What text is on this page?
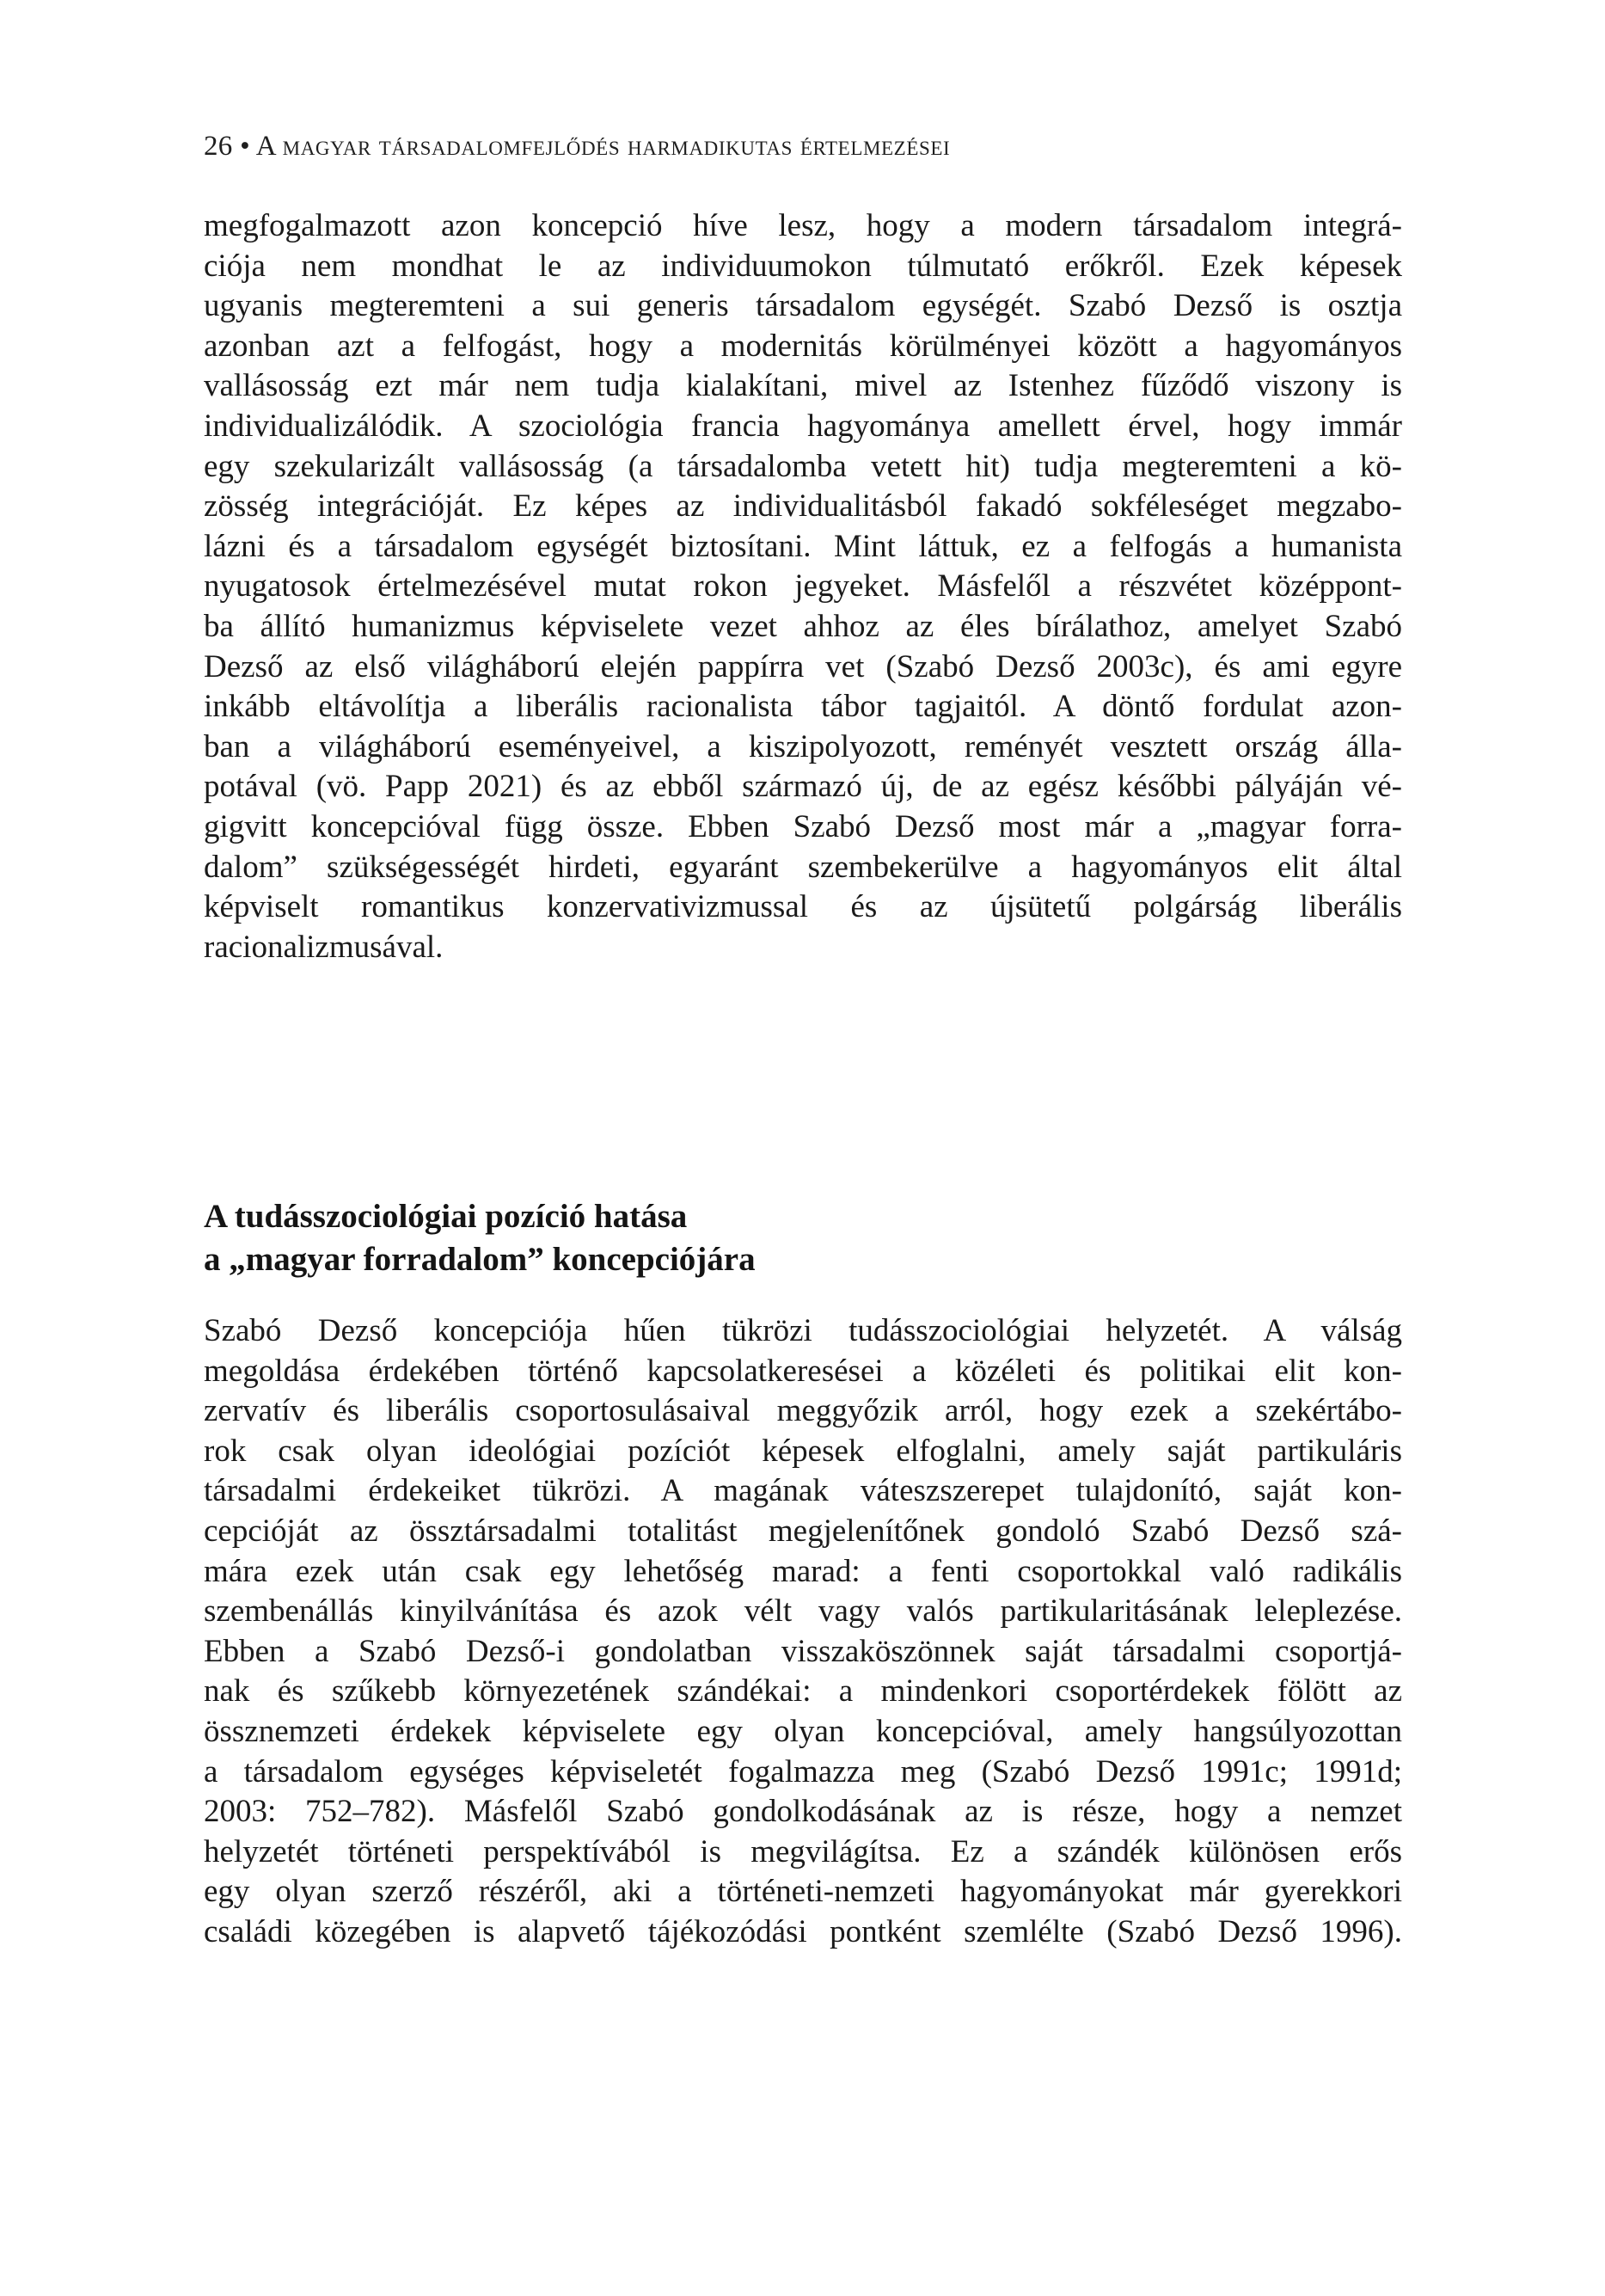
26 • A magyar társadalomfejlődés harmadikutas értelmezései
megfogalmazott azon koncepció híve lesz, hogy a modern társadalom integrá-
ciója nem mondhat le az individuumokon túlmutató erőkről. Ezek képesek
ugyanis megteremteni a sui generis társadalom egységét. Szabó Dezső is osztja
azonban azt a felfogást, hogy a modernitás körülményei között a hagyományos
vallásosság ezt már nem tudja kialakítani, mivel az Istenhez fűződő viszony is
individualizálódik. A szociológia francia hagyománya amellett érvel, hogy immár
egy szekularizált vallásosság (a társadalomba vetett hit) tudja megteremteni a kö-
zösség integrációját. Ez képes az individualitásból fakadó sokféleséget megzabo-
lázni és a társadalom egységét biztosítani. Mint láttuk, ez a felfogás a humanista
nyugatosok értelmezésével mutat rokon jegyeket. Másfelől a részvétet középpont-
ba állító humanizmus képviselete vezet ahhoz az éles bírálathoz, amelyet Szabó
Dezső az első világháború elején pappírra vet (Szabó Dezső 2003c), és ami egyre
inkább eltávolítja a liberális racionalista tábor tagjaitól. A döntő fordulat azon-
ban a világháború eseményeivel, a kiszipolyozott, reményét vesztett ország álla-
potával (vö. Papp 2021) és az ebből származó új, de az egész későbbi pályáján vé-
gigvitt koncepcióval függ össze. Ebben Szabó Dezső most már a „magyar forra-
dalom” szükségességét hirdeti, egyaránt szembekerülve a hagyományos elit által
képviselt romantikus konzervativizmussal és az újsütetű polgárság liberális
racionalizmusával.
A tudásszociológiai pozíció hatása
a „magyar forradalom” koncepciójára
Szabó Dezső koncepciója hűen tükrözi tudásszociológiai helyzetét. A válság
megoldása érdekében történő kapcsolatkeresései a közéleti és politikai elit kon-
zervatív és liberális csoportosulásaival meggyőzik arról, hogy ezek a szekértábo-
rok csak olyan ideológiai pozíciót képesek elfoglalni, amely saját partikuláris
társadalmi érdekeiket tükrözi. A magának váteszszerepet tulajdonító, saját kon-
cepcióját az össztársadalmi totalitást megjelenítőnek gondoló Szabó Dezső szá-
mára ezek után csak egy lehetőség marad: a fenti csoportokkal való radikális
szembenállás kinyilvánítása és azok vélt vagy valós partikularitásának leleplezése.
Ebben a Szabó Dezső-i gondolatban visszaköszönnek saját társadalmi csoportjá-
nak és szűkebb környezetének szándékai: a mindenkori csoportérdekek fölött az
össznemzeti érdekek képviselete egy olyan koncepcióval, amely hangsúlyozottan
a társadalom egységes képviseletét fogalmazza meg (Szabó Dezső 1991c; 1991d;
2003: 752–782). Másfelől Szabó gondolkodásának az is része, hogy a nemzet
helyzetét történeti perspektívából is megvilágítsa. Ez a szándék különösen erős
egy olyan szerző részéről, aki a történeti-nemzeti hagyományokat már gyerekkori
családi közegében is alapvető tájékozódási pontként szemlélte (Szabó Dezső 1996).
